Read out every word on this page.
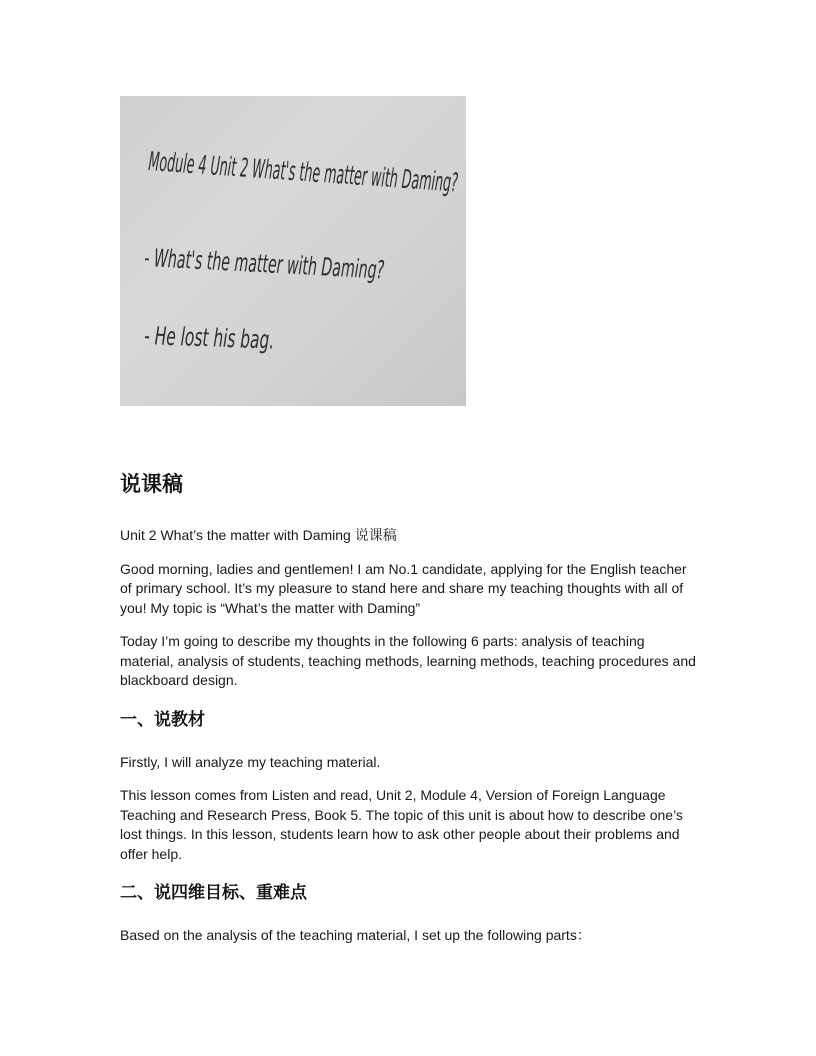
Module 4 Unit 2 What's the matter with Daming?
- What's the matter with Daming?
- He lost his bag.
说课稿

Unit 2 What’s the matter with Daming 说课稿

Good morning, ladies and gentlemen! I am No.1 candidate, applying for the English teacher of primary school. It’s my pleasure to stand here and share my teaching thoughts with all of you! My topic is “What’s the matter with Daming”

Today I’m going to describe my thoughts in the following 6 parts: analysis of teaching material, analysis of students, teaching methods, learning methods, teaching procedures and blackboard design.

一、说教材

Firstly, I will analyze my teaching material.

This lesson comes from Listen and read, Unit 2, Module 4, Version of Foreign Language Teaching and Research Press, Book 5. The topic of this unit is about how to describe one’s lost things. In this lesson, students learn how to ask other people about their problems and offer help.

二、说四维目标、重难点

Based on the analysis of the teaching material, I set up the following parts：
